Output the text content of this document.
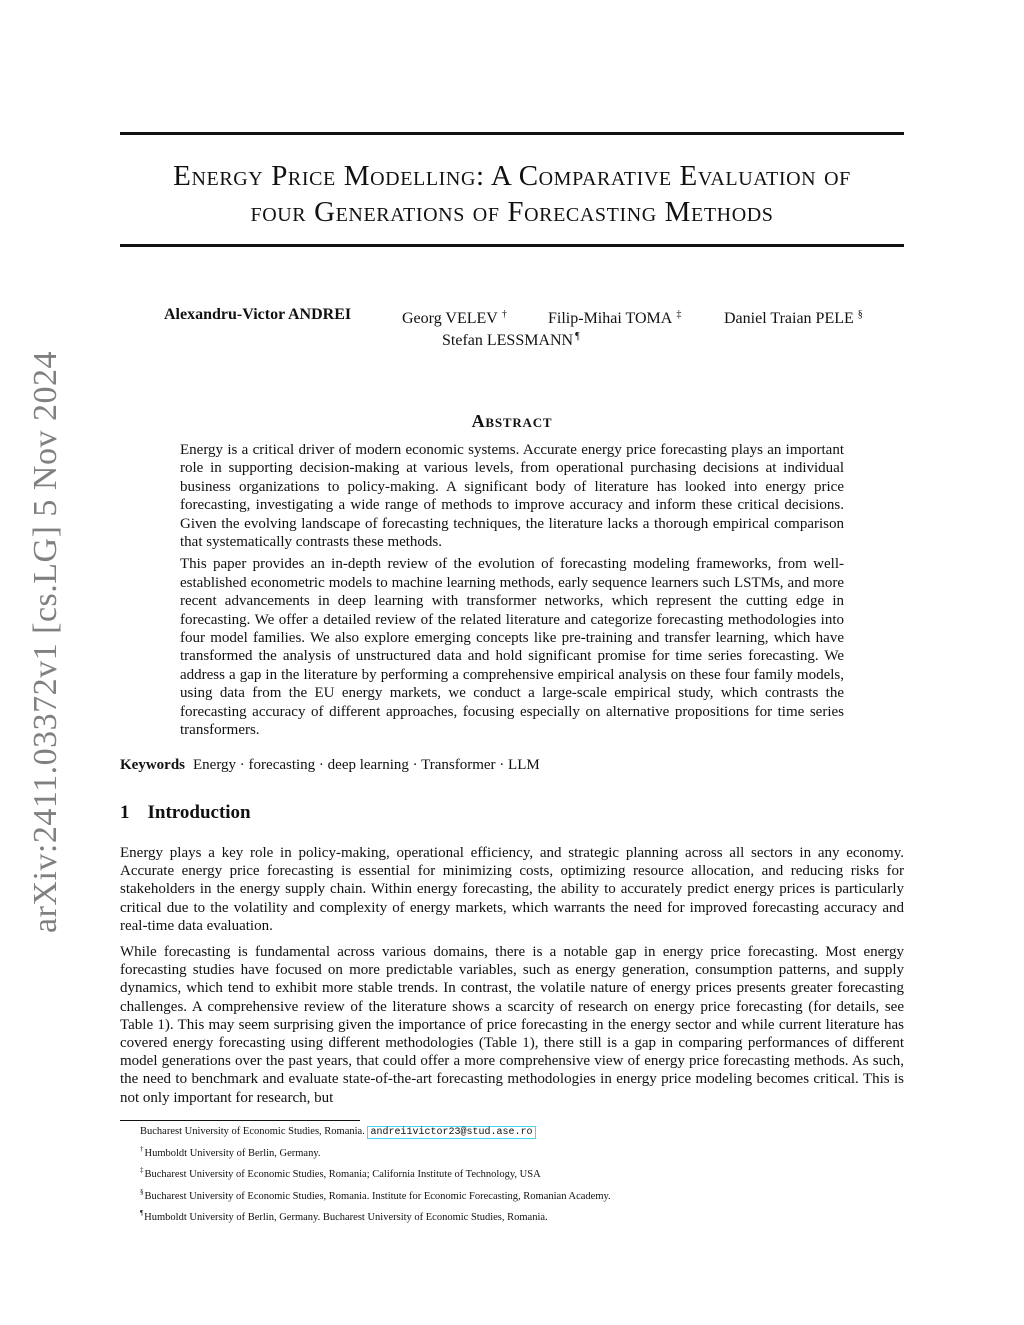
arXiv:2411.03372v1 [cs.LG] 5 Nov 2024
Energy Price Modelling: A Comparative Evaluation of
four Generations of Forecasting Methods
Alexandru-Victor ANDREI	Georg VELEV †	Filip-Mihai TOMA ‡	Daniel Traian PELE §
Stefan LESSMANN ¶
Abstract

Energy is a critical driver of modern economic systems. Accurate energy price forecasting plays an important role in supporting decision-making at various levels, from operational purchasing decisions at individual business organizations to policy-making. A significant body of literature has looked into energy price forecasting, investigating a wide range of methods to improve accuracy and inform these critical decisions. Given the evolving landscape of forecasting techniques, the literature lacks a thorough empirical comparison that systematically contrasts these methods.

This paper provides an in-depth review of the evolution of forecasting modeling frameworks, from well-established econometric models to machine learning methods, early sequence learners such LSTMs, and more recent advancements in deep learning with transformer networks, which represent the cutting edge in forecasting. We offer a detailed review of the related literature and categorize forecasting methodologies into four model families. We also explore emerging concepts like pre-training and transfer learning, which have transformed the analysis of unstructured data and hold significant promise for time series forecasting. We address a gap in the literature by performing a comprehensive empirical analysis on these four family models, using data from the EU energy markets, we conduct a large-scale empirical study, which contrasts the forecasting accuracy of different approaches, focusing especially on alternative propositions for time series transformers.

Keywords Energy · forecasting · deep learning · Transformer · LLM
1 Introduction

Energy plays a key role in policy-making, operational efficiency, and strategic planning across all sectors in any economy. Accurate energy price forecasting is essential for minimizing costs, optimizing resource allocation, and reducing risks for stakeholders in the energy supply chain. Within energy forecasting, the ability to accurately predict energy prices is particularly critical due to the volatility and complexity of energy markets, which warrants the need for improved forecasting accuracy and real-time data evaluation.

While forecasting is fundamental across various domains, there is a notable gap in energy price forecasting. Most energy forecasting studies have focused on more predictable variables, such as energy generation, consumption patterns, and supply dynamics, which tend to exhibit more stable trends. In contrast, the volatile nature of energy prices presents greater forecasting challenges. A comprehensive review of the literature shows a scarcity of research on energy price forecasting (for details, see Table 1). This may seem surprising given the importance of price forecasting in the energy sector and while current literature has covered energy forecasting using different methodologies (Table 1), there still is a gap in comparing performances of different model generations over the past years, that could offer a more comprehensive view of energy price forecasting methods. As such, the need to benchmark and evaluate state-of-the-art forecasting methodologies in energy price modeling becomes critical. This is not only important for research, but

Bucharest University of Economic Studies, Romania. andrei1victor23@stud.ase.ro
†Humboldt University of Berlin, Germany.
‡Bucharest University of Economic Studies, Romania; California Institute of Technology, USA
§Bucharest University of Economic Studies, Romania. Institute for Economic Forecasting, Romanian Academy.
¶Humboldt University of Berlin, Germany. Bucharest University of Economic Studies, Romania.
